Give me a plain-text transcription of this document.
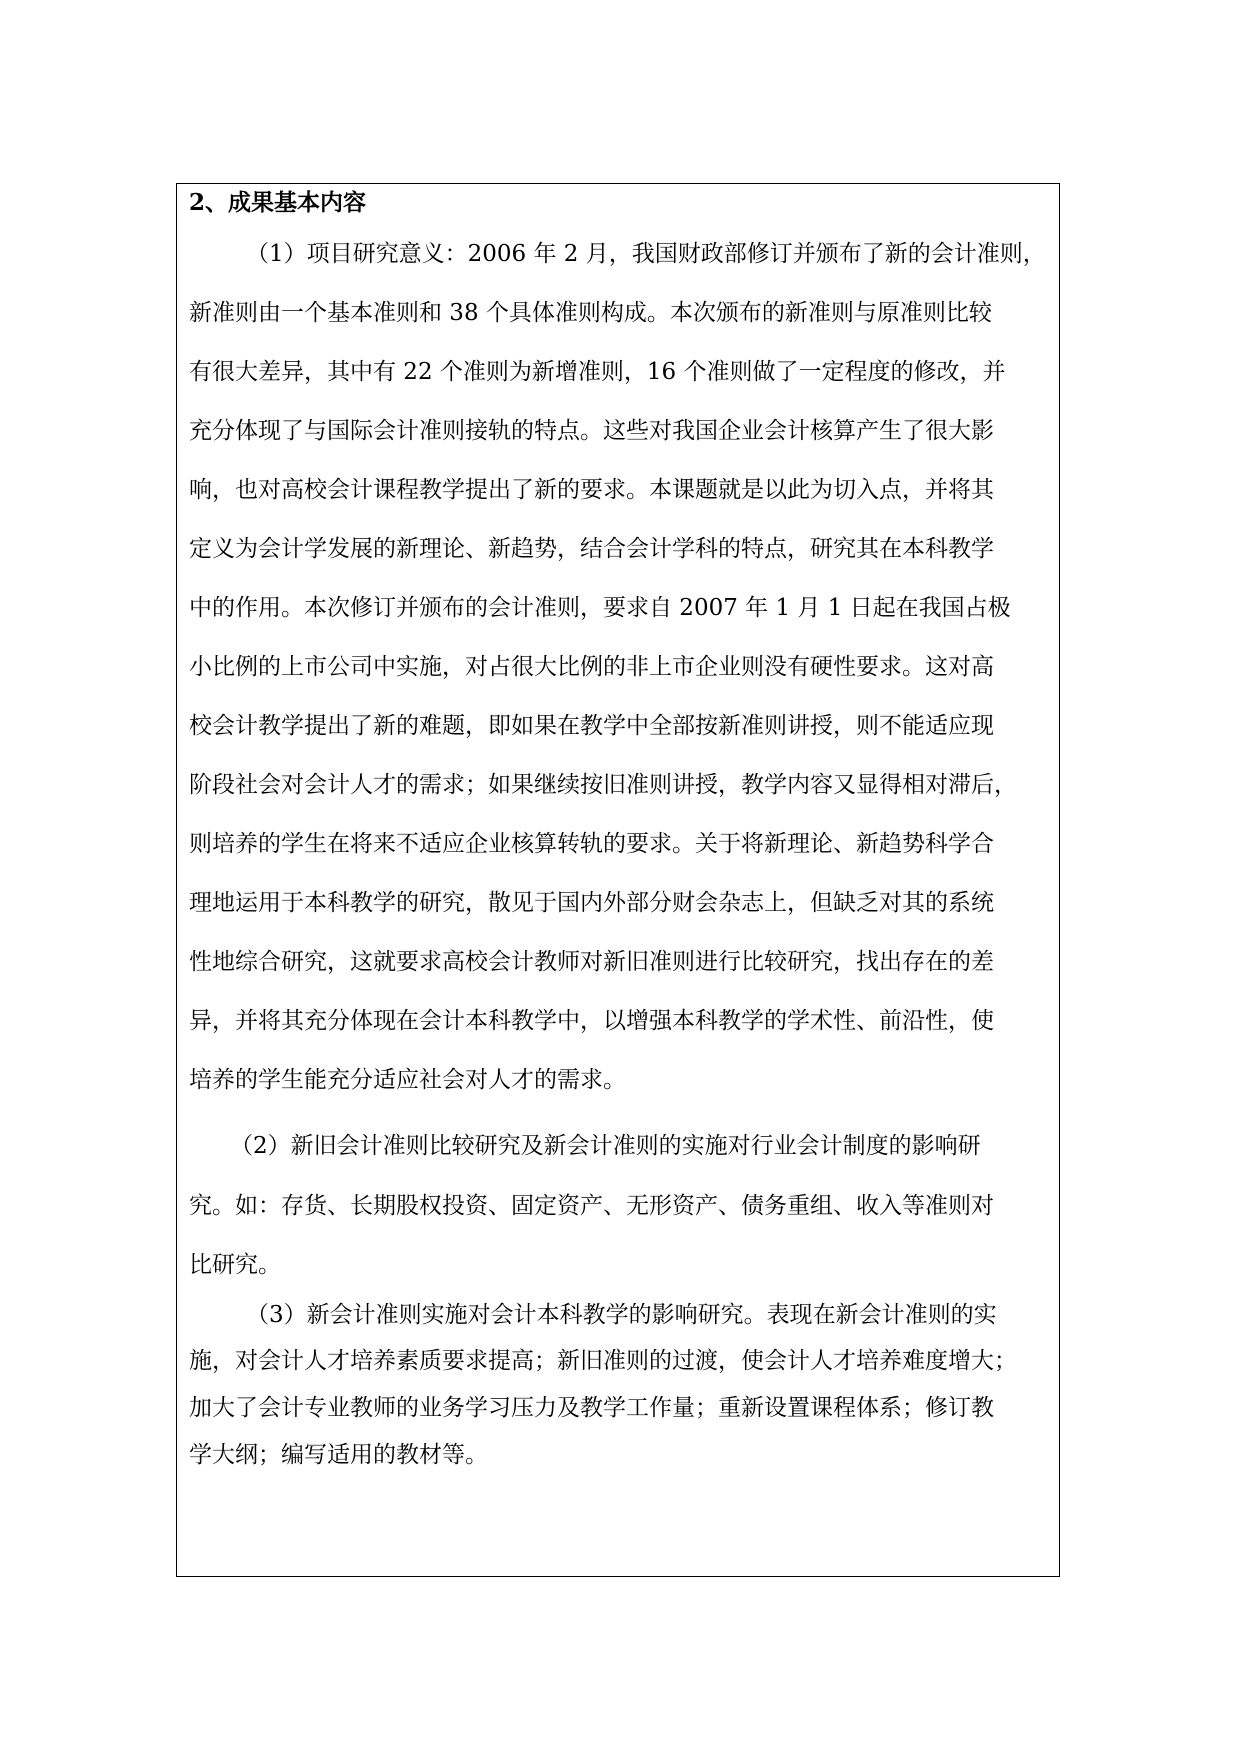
2、成果基本内容
（1）项目研究意义：2006 年 2 月，我国财政部修订并颁布了新的会计准则，
新准则由一个基本准则和 38 个具体准则构成。本次颁布的新准则与原准则比较
有很大差异，其中有 22 个准则为新增准则，16 个准则做了一定程度的修改，并
充分体现了与国际会计准则接轨的特点。这些对我国企业会计核算产生了很大影
响，也对高校会计课程教学提出了新的要求。本课题就是以此为切入点，并将其
定义为会计学发展的新理论、新趋势，结合会计学科的特点，研究其在本科教学
中的作用。本次修订并颁布的会计准则，要求自 2007 年 1 月 1 日起在我国占极
小比例的上市公司中实施，对占很大比例的非上市企业则没有硬性要求。这对高
校会计教学提出了新的难题，即如果在教学中全部按新准则讲授，则不能适应现
阶段社会对会计人才的需求；如果继续按旧准则讲授，教学内容又显得相对滞后，
则培养的学生在将来不适应企业核算转轨的要求。关于将新理论、新趋势科学合
理地运用于本科教学的研究，散见于国内外部分财会杂志上，但缺乏对其的系统
性地综合研究，这就要求高校会计教师对新旧准则进行比较研究，找出存在的差
异，并将其充分体现在会计本科教学中，以增强本科教学的学术性、前沿性，使
培养的学生能充分适应社会对人才的需求。
（2）新旧会计准则比较研究及新会计准则的实施对行业会计制度的影响研
究。如：存货、长期股权投资、固定资产、无形资产、债务重组、收入等准则对
比研究。
（3）新会计准则实施对会计本科教学的影响研究。表现在新会计准则的实
施，对会计人才培养素质要求提高；新旧准则的过渡，使会计人才培养难度增大；
加大了会计专业教师的业务学习压力及教学工作量；重新设置课程体系；修订教
学大纲；编写适用的教材等。
